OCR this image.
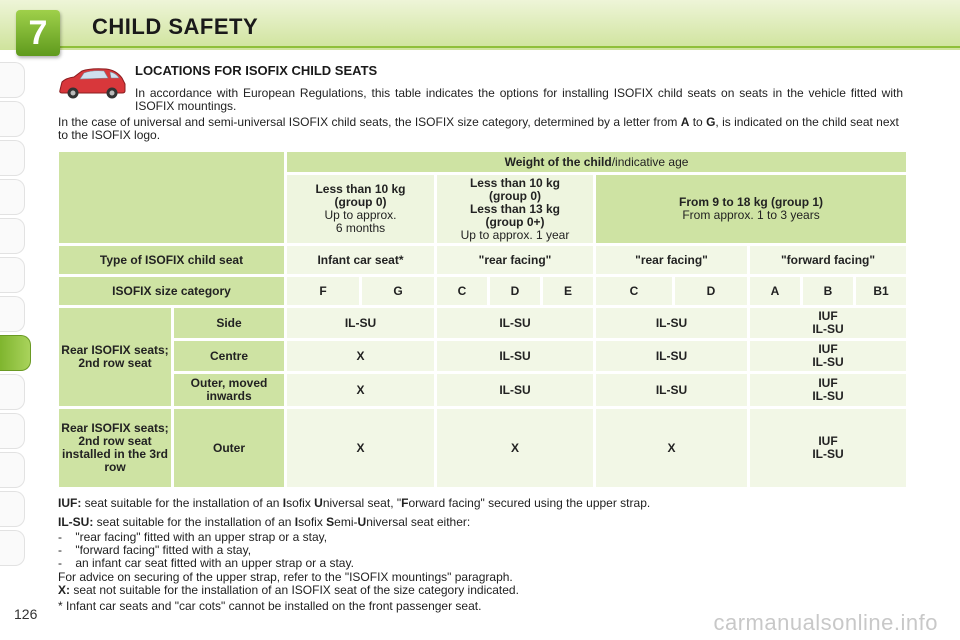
7	CHILD SAFETY
LOCATIONS FOR ISOFIX CHILD SEATS

In accordance with European Regulations, this table indicates the options for installing ISOFIX child seats on seats in the vehicle fitted with ISOFIX mountings.

In the case of universal and semi-universal ISOFIX child seats, the ISOFIX size category, determined by a letter from A to G, is indicated on the child seat next to the ISOFIX logo.

		Weight of the child/indicative age									
		Less than 10 kg
(group 0)
Up to approx.
6 months		Less than 10 kg
(group 0)
Less than 13 kg
(group 0+)
Up to approx. 1 year			From 9 to 18 kg (group 1)
From approx. 1 to 3 years				
Type of ISOFIX child seat		Infant car seat*		"rear facing"			"rear facing"		"forward facing"		
ISOFIX size category		F	G	C	D	E	C	D	A	B	B1
Rear ISOFIX seats; 2nd row seat	Side	IL-SU		IL-SU			IL-SU		IUF
IL-SU		
	Centre	X		IL-SU			IL-SU		IUF
IL-SU		
	Outer, moved inwards	X		IL-SU			IL-SU		IUF
IL-SU		
Rear ISOFIX seats; 2nd row seat installed in the 3rd row	Outer	X		X			X		IUF
IL-SU		

IUF: seat suitable for the installation of an Isofix Universal seat, "Forward facing" secured using the upper strap.

IL-SU: seat suitable for the installation of an Isofix Semi-Universal seat either:

-    "rear facing" fitted with an upper strap or a stay,
-    "forward facing" fitted with a stay,
-    an infant car seat fitted with an upper strap or a stay.

For advice on securing of the upper strap, refer to the "ISOFIX mountings" paragraph.

X: seat not suitable for the installation of an ISOFIX seat of the size category indicated.

* Infant car seats and "car cots" cannot be installed on the front passenger seat.

126	carmanualsonline.info
